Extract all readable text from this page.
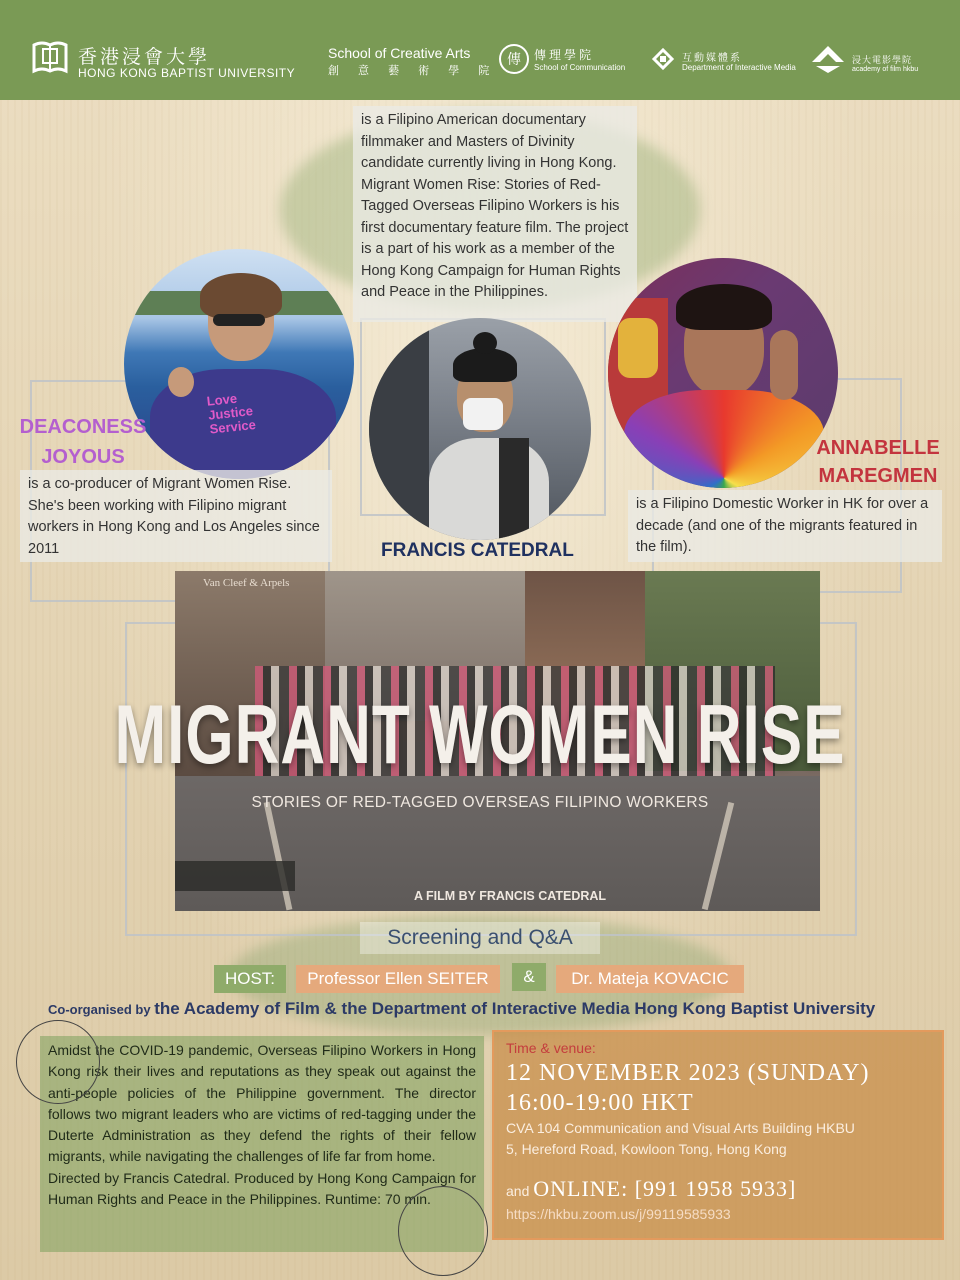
香港浸會大學
HONG KONG BAPTIST UNIVERSITY
School of Creative Arts
創 意 藝 術 學 院
傳	傳理學院
School of Communication
互動媒體系
Department of Interactive Media
浸大電影學院
academy of film hkbu
is a Filipino American documentary filmmaker and Masters of Divinity candidate currently living in Hong Kong. Migrant Women Rise: Stories of Red-Tagged Overseas Filipino Workers is his first documentary feature film. The project is a part of his work as a member of the Hong Kong Campaign for Human Rights and Peace in the Philippines.
Love
Justice
Service
DEACONESS
JOYOUS	ANNABELLE
MAREGMEN
FRANCIS CATEDRAL
is a co-producer of Migrant Women Rise. She's been working with Filipino migrant workers in Hong Kong and Los Angeles since 2011
is a Filipino Domestic Worker in HK for over a decade (and one of the migrants featured in the film).
Van Cleef & Arpels
MIGRANT WOMEN RISE
STORIES OF RED-TAGGED OVERSEAS FILIPINO WORKERS
A FILM BY FRANCIS CATEDRAL
Screening and Q&A
HOST:	Professor Ellen SEITER	&	Dr. Mateja KOVACIC
Co-organised by the Academy of Film & the Department of Interactive Media Hong Kong Baptist University
Amidst the COVID-19 pandemic, Overseas Filipino Workers in Hong Kong risk their lives and reputations as they speak out against the anti-people policies of the Philippine government. The director follows two migrant leaders who are victims of red-tagging under the Duterte Administration as they defend the rights of their fellow migrants, while navigating the challenges of life far from home.
Directed by Francis Catedral. Produced by Hong Kong Campaign for Human Rights and Peace in the Philippines. Runtime: 70 min.
Time & venue:
12 NOVEMBER 2023 (SUNDAY)
16:00-19:00 HKT
CVA 104 Communication and Visual Arts Building HKBU
5, Hereford Road, Kowloon Tong, Hong Kong
and ONLINE: [991 1958 5933]
https://hkbu.zoom.us/j/99119585933
